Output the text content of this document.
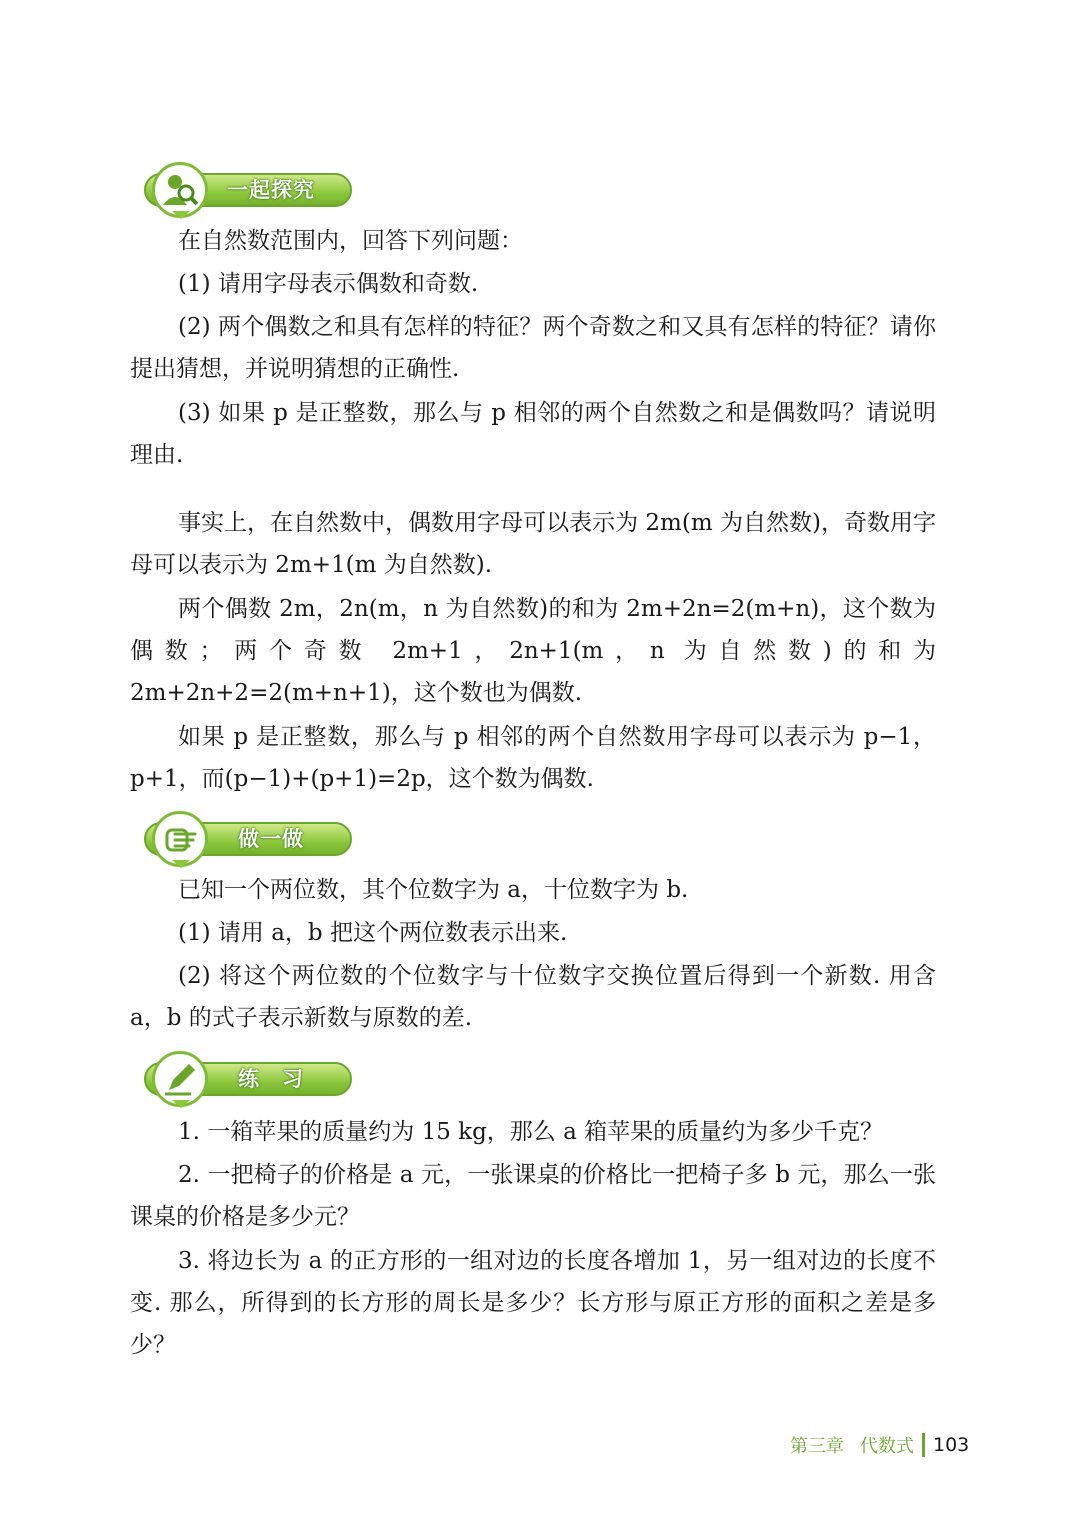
一起探究

在自然数范围内，回答下列问题：

(1) 请用字母表示偶数和奇数.

(2) 两个偶数之和具有怎样的特征？两个奇数之和又具有怎样的特征？请你提出猜想，并说明猜想的正确性.

(3) 如果 p 是正整数，那么与 p 相邻的两个自然数之和是偶数吗？请说明理由.

事实上，在自然数中，偶数用字母可以表示为 2m(m 为自然数)，奇数用字母可以表示为 2m+1(m 为自然数).

两个偶数 2m，2n(m，n 为自然数)的和为 2m+2n=2(m+n)，这个数为偶数；两个奇数 2m+1，2n+1(m，n 为自然数)的和为 2m+2n+2=2(m+n+1)，这个数也为偶数.

如果 p 是正整数，那么与 p 相邻的两个自然数用字母可以表示为 p−1，p+1，而(p−1)+(p+1)=2p，这个数为偶数.

做一做

已知一个两位数，其个位数字为 a，十位数字为 b.

(1) 请用 a，b 把这个两位数表示出来.

(2) 将这个两位数的个位数字与十位数字交换位置后得到一个新数. 用含 a，b 的式子表示新数与原数的差.

练　习

1. 一箱苹果的质量约为 15 kg，那么 a 箱苹果的质量约为多少千克？

2. 一把椅子的价格是 a 元，一张课桌的价格比一把椅子多 b 元，那么一张课桌的价格是多少元？

3. 将边长为 a 的正方形的一组对边的长度各增加 1，另一组对边的长度不变. 那么，所得到的长方形的周长是多少？长方形与原正方形的面积之差是多少？

第三章 代数式 103
